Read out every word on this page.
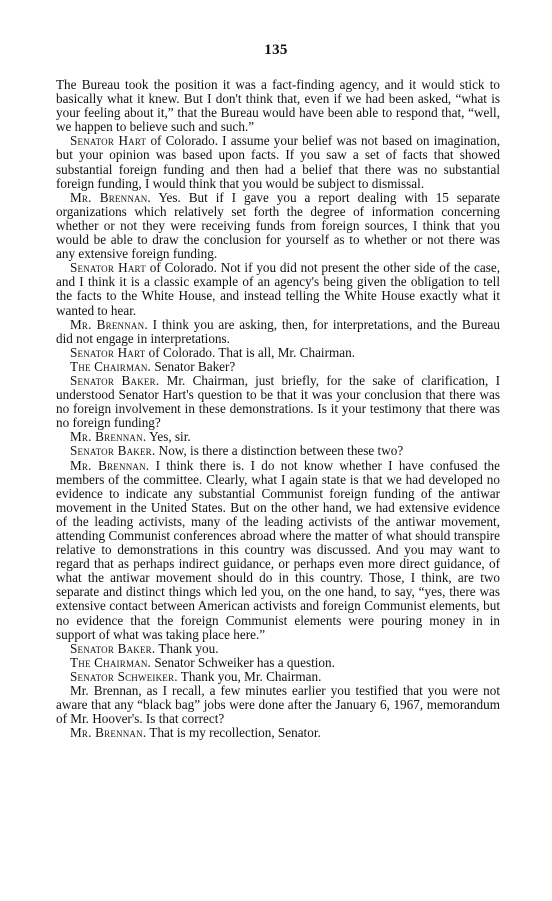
135

The Bureau took the position it was a fact-finding agency, and it would stick to basically what it knew. But I don't think that, even if we had been asked, “what is your feeling about it,” that the Bureau would have been able to respond that, “well, we happen to believe such and such.”

Senator Hart of Colorado. I assume your belief was not based on imagination, but your opinion was based upon facts. If you saw a set of facts that showed substantial foreign funding and then had a belief that there was no substantial foreign funding, I would think that you would be subject to dismissal.

Mr. Brennan. Yes. But if I gave you a report dealing with 15 separate organizations which relatively set forth the degree of information concerning whether or not they were receiving funds from foreign sources, I think that you would be able to draw the conclusion for yourself as to whether or not there was any extensive foreign funding.

Senator Hart of Colorado. Not if you did not present the other side of the case, and I think it is a classic example of an agency's being given the obligation to tell the facts to the White House, and instead telling the White House exactly what it wanted to hear.

Mr. Brennan. I think you are asking, then, for interpretations, and the Bureau did not engage in interpretations.

Senator Hart of Colorado. That is all, Mr. Chairman.

The Chairman. Senator Baker?

Senator Baker. Mr. Chairman, just briefly, for the sake of clarification, I understood Senator Hart's question to be that it was your conclusion that there was no foreign involvement in these demonstrations. Is it your testimony that there was no foreign funding?

Mr. Brennan. Yes, sir.

Senator Baker. Now, is there a distinction between these two?

Mr. Brennan. I think there is. I do not know whether I have confused the members of the committee. Clearly, what I again state is that we had developed no evidence to indicate any substantial Communist foreign funding of the antiwar movement in the United States. But on the other hand, we had extensive evidence of the leading activists, many of the leading activists of the antiwar movement, attending Communist conferences abroad where the matter of what should transpire relative to demonstrations in this country was discussed. And you may want to regard that as perhaps indirect guidance, or perhaps even more direct guidance, of what the antiwar movement should do in this country. Those, I think, are two separate and distinct things which led you, on the one hand, to say, “yes, there was extensive contact between American activists and foreign Communist elements, but no evidence that the foreign Communist elements were pouring money in in support of what was taking place here.”

Senator Baker. Thank you.

The Chairman. Senator Schweiker has a question.

Senator Schweiker. Thank you, Mr. Chairman.

Mr. Brennan, as I recall, a few minutes earlier you testified that you were not aware that any “black bag” jobs were done after the January 6, 1967, memorandum of Mr. Hoover's. Is that correct?

Mr. Brennan. That is my recollection, Senator.
